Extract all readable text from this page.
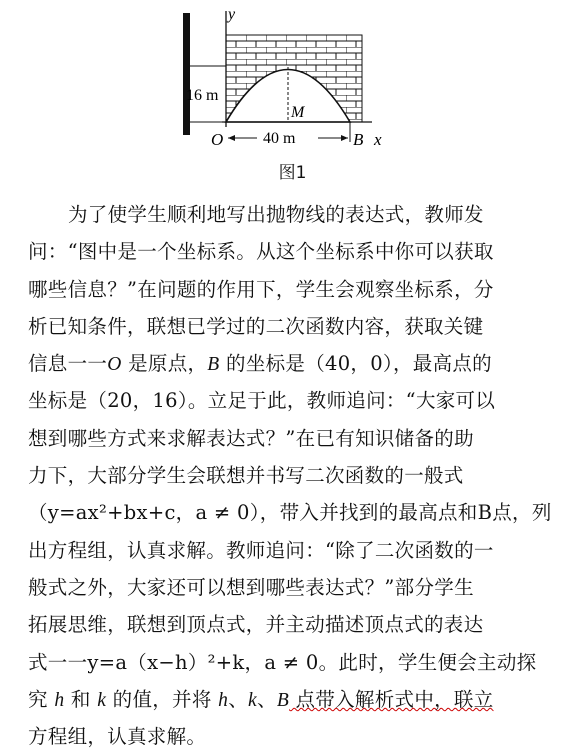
y
x
16 m
40 m
O	B
M
图1
为了使学生顺利地写出抛物线的表达式，教师发
问：“图中是一个坐标系。从这个坐标系中你可以获取
哪些信息？”在问题的作用下，学生会观察坐标系，分
析已知条件，联想已学过的二次函数内容，获取关键
信息一一O 是原点，B 的坐标是（40，0），最高点的
坐标是（20，16）。立足于此，教师追问：“大家可以
想到哪些方式来求解表达式？”在已有知识储备的助
力下，大部分学生会联想并书写二次函数的一般式
（y=ax²+bx+c，a ≠ 0），带入并找到的最高点和B点，列
出方程组，认真求解。教师追问：“除了二次函数的一
般式之外，大家还可以想到哪些表达式？”部分学生
拓展思维，联想到顶点式，并主动描述顶点式的表达
式一一y=a（x−h）²+k，a ≠ 0。此时，学生便会主动探
究 h 和 k 的值，并将 h、k、B 点带入解析式中，联立
方程组，认真求解。
